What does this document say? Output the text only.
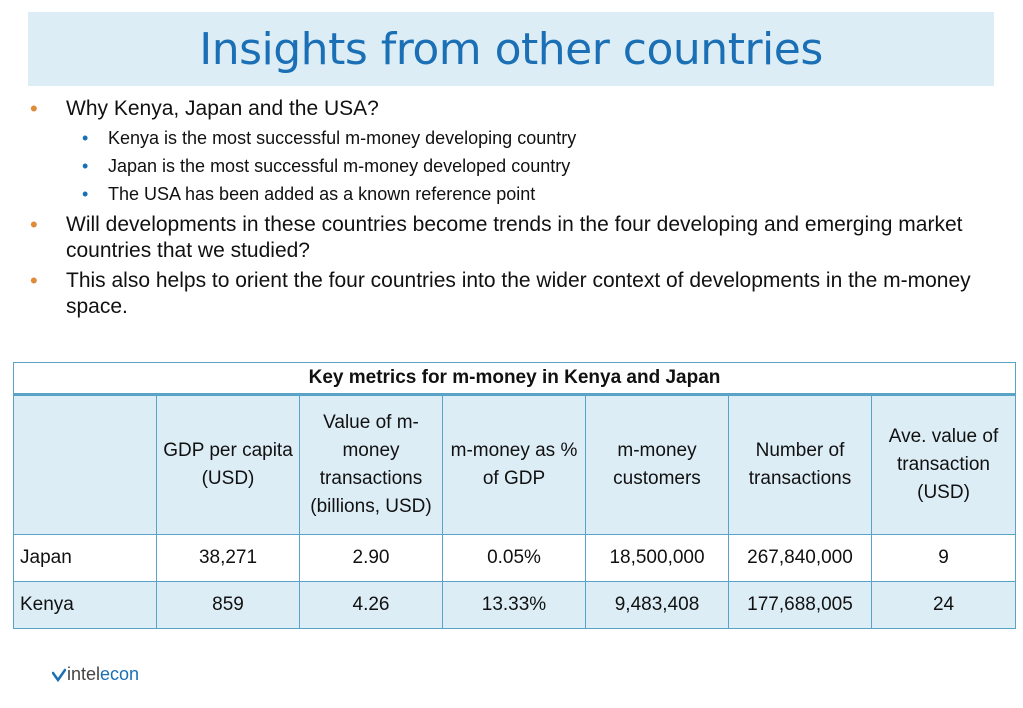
Insights from other countries
• Why Kenya, Japan and the USA?
• Kenya is the most successful m-money developing country
• Japan is the most successful m-money developed country
• The USA has been added as a known reference point
• Will developments in these countries become trends in the four developing and emerging market countries that we studied?
• This also helps to orient the four countries into the wider context of developments in the m-money space.
Key metrics for m-money in Kenya and Japan						
	GDP per capita (USD)	Value of m-money transactions (billions, USD)	m-money as % of GDP	m-money customers	Number of transactions	Ave. value of transaction (USD)
Japan	38,271	2.90	0.05%	18,500,000	267,840,000	9
Kenya	859	4.26	13.33%	9,483,408	177,688,005	24
intel econ
